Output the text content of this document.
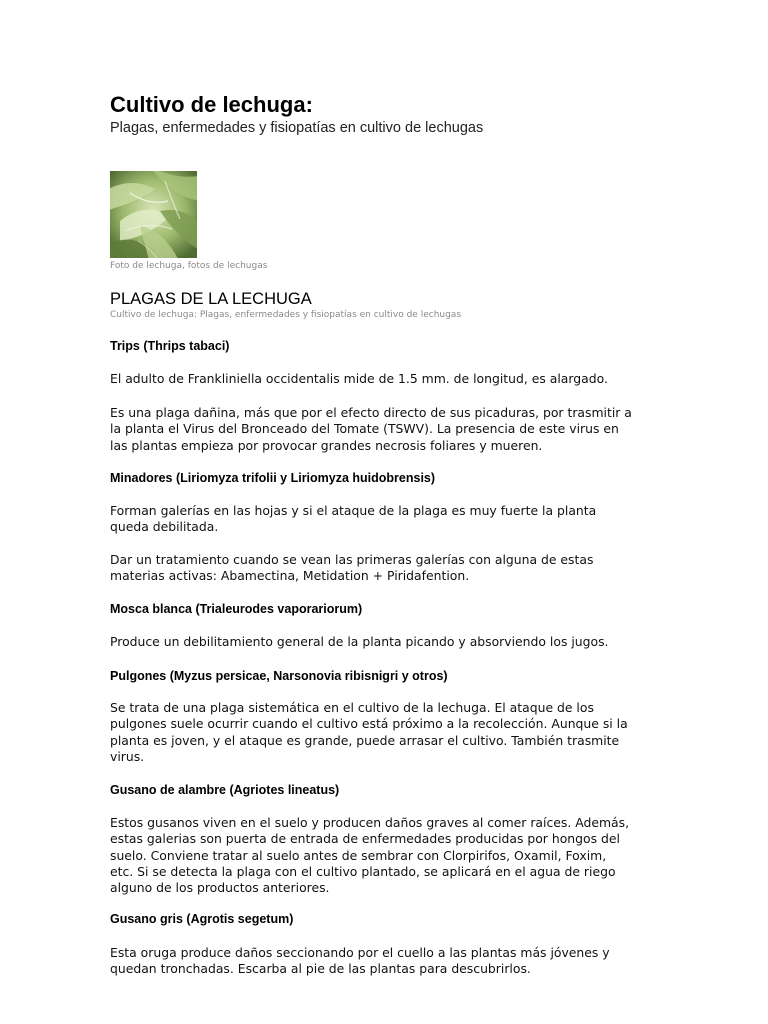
Cultivo de lechuga:
Plagas, enfermedades y fisiopatías en cultivo de lechugas
Foto de lechuga, fotos de lechugas
PLAGAS DE LA LECHUGA
Cultivo de lechuga: Plagas, enfermedades y fisiopatías en cultivo de lechugas
Trips (Thrips tabaci)

El adulto de Frankliniella occidentalis mide de 1.5 mm. de longitud, es alargado.

Es una plaga dañina, más que por el efecto directo de sus picaduras, por trasmitir a
la planta el Virus del Bronceado del Tomate (TSWV). La presencia de este virus en
las plantas empieza por provocar grandes necrosis foliares y mueren.

Minadores (Liriomyza trifolii y Liriomyza huidobrensis)

Forman galerías en las hojas y si el ataque de la plaga es muy fuerte la planta
queda debilitada.

Dar un tratamiento cuando se vean las primeras galerías con alguna de estas
materias activas: Abamectina, Metidation + Piridafention.

Mosca blanca (Trialeurodes vaporariorum)

Produce un debilitamiento general de la planta picando y absorviendo los jugos.

Pulgones (Myzus persicae, Narsonovia ribisnigri y otros)

Se trata de una plaga sistemática en el cultivo de la lechuga. El ataque de los
pulgones suele ocurrir cuando el cultivo está próximo a la recolección. Aunque si la
planta es joven, y el ataque es grande, puede arrasar el cultivo. También trasmite
virus.

Gusano de alambre (Agriotes lineatus)

Estos gusanos viven en el suelo y producen daños graves al comer raíces. Además,
estas galerias son puerta de entrada de enfermedades producidas por hongos del
suelo. Conviene tratar al suelo antes de sembrar con Clorpirifos, Oxamil, Foxim,
etc. Si se detecta la plaga con el cultivo plantado, se aplicará en el agua de riego
alguno de los productos anteriores.

Gusano gris (Agrotis segetum)

Esta oruga produce daños seccionando por el cuello a las plantas más jóvenes y
quedan tronchadas. Escarba al pie de las plantas para descubrirlos.
